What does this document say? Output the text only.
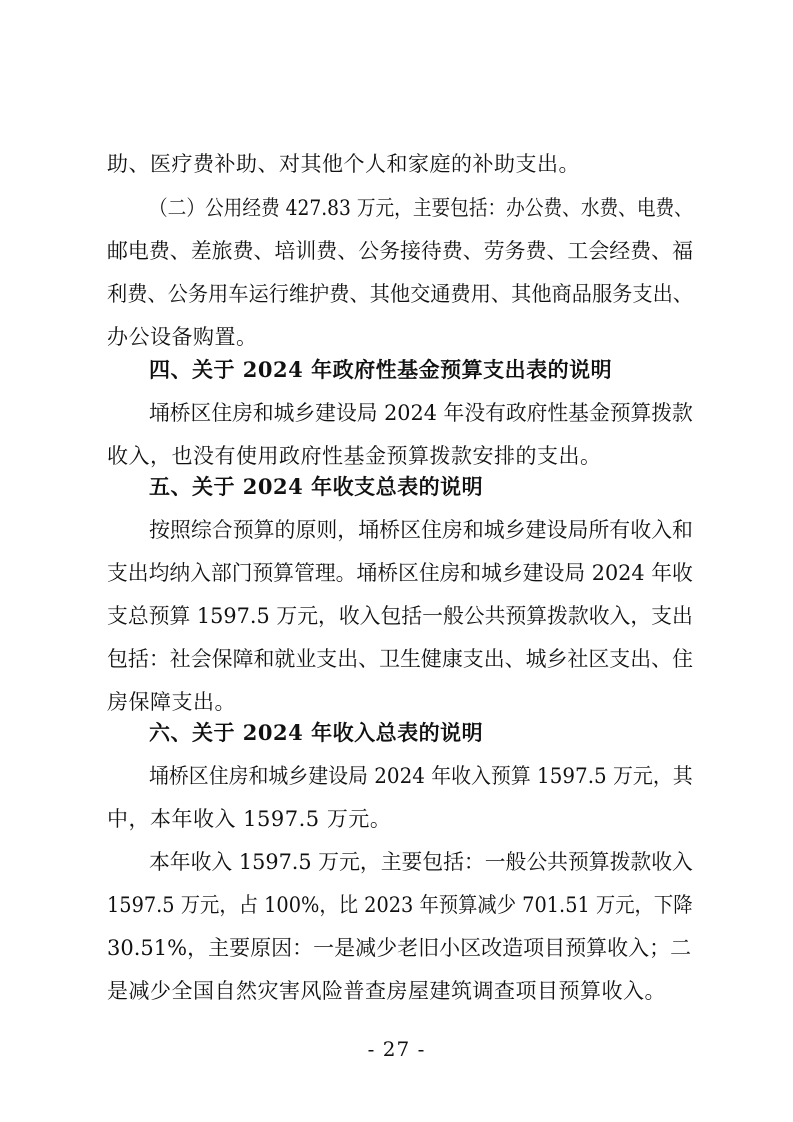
助、医疗费补助、对其他个人和家庭的补助支出。
（二）公用经费 427.83 万元，主要包括：办公费、水费、电费、
邮电费、差旅费、培训费、公务接待费、劳务费、工会经费、福
利费、公务用车运行维护费、其他交通费用、其他商品服务支出、
办公设备购置。
四、关于 2024 年政府性基金预算支出表的说明
埇桥区住房和城乡建设局 2024 年没有政府性基金预算拨款
收入，也没有使用政府性基金预算拨款安排的支出。
五、关于 2024 年收支总表的说明
按照综合预算的原则，埇桥区住房和城乡建设局所有收入和
支出均纳入部门预算管理。埇桥区住房和城乡建设局 2024 年收
支总预算 1597.5 万元，收入包括一般公共预算拨款收入，支出
包括：社会保障和就业支出、卫生健康支出、城乡社区支出、住
房保障支出。
六、关于 2024 年收入总表的说明
埇桥区住房和城乡建设局 2024 年收入预算 1597.5 万元，其
中，本年收入 1597.5 万元。
本年收入 1597.5 万元，主要包括：一般公共预算拨款收入
1597.5 万元，占 100%，比 2023 年预算减少 701.51 万元，下降
30.51%，主要原因：一是减少老旧小区改造项目预算收入；二
是减少全国自然灾害风险普查房屋建筑调查项目预算收入。
- 27 -
